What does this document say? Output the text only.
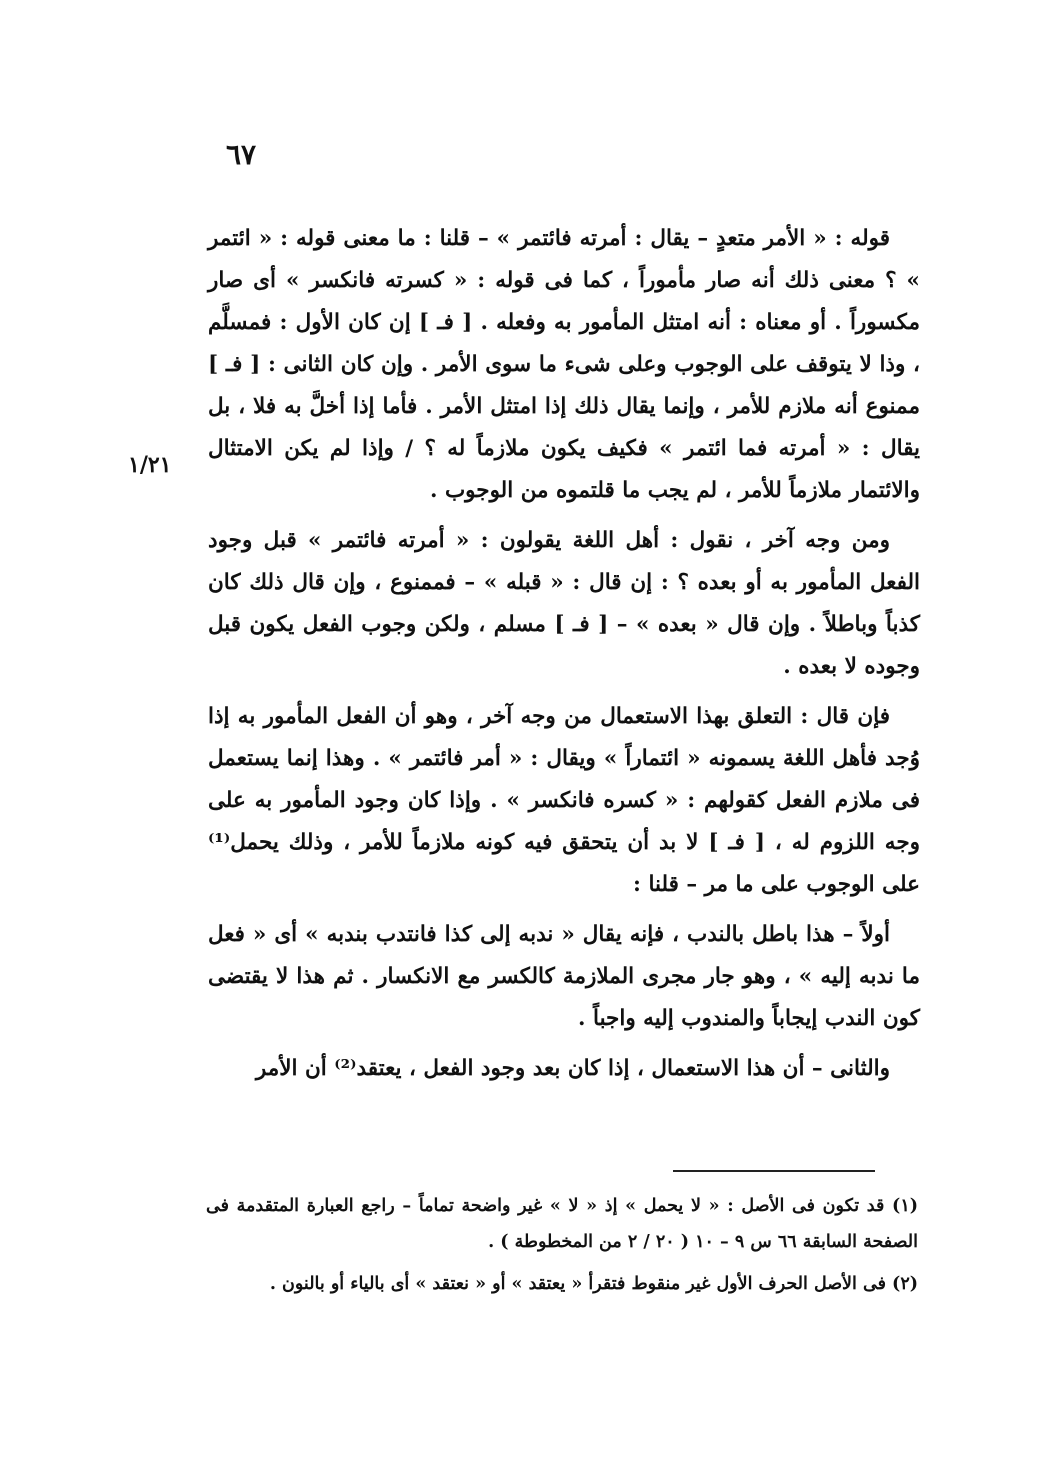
٦٧
١/٢١

قوله : « الأمر متعدٍ – يقال : أمرته فائتمر » – قلنا : ما معنى قوله : « ائتمر » ؟ معنى ذلك أنه صار مأموراً ، كما فى قوله : « كسرته فانكسر » أى صار مكسوراً . أو معناه : أنه امتثل المأمور به وفعله . [ فـ ] إن كان الأول : فمسلَّم ، وذا لا يتوقف على الوجوب وعلى شىء ما سوى الأمر . وإن كان الثانى : [ فـ ] ممنوع أنه ملازم للأمر ، وإنما يقال ذلك إذا امتثل الأمر . فأما إذا أخلَّ به فلا ، بل يقال : « أمرته فما ائتمر » فكيف يكون ملازماً له ؟ / وإذا لم يكن الامتثال والائتمار ملازماً للأمر ، لم يجب ما قلتموه من الوجوب .

ومن وجه آخر ، نقول : أهل اللغة يقولون : « أمرته فائتمر » قبل وجود الفعل المأمور به أو بعده ؟ : إن قال : « قبله » – فممنوع ، وإن قال ذلك كان كذباً وباطلاً . وإن قال « بعده » – [ فـ ] مسلم ، ولكن وجوب الفعل يكون قبل وجوده لا بعده .

فإن قال : التعلق بهذا الاستعمال من وجه آخر ، وهو أن الفعل المأمور به إذا وُجد فأهل اللغة يسمونه « ائتماراً » ويقال : « أمر فائتمر » . وهذا إنما يستعمل فى ملازم الفعل كقولهم : « كسره فانكسر » . وإذا كان وجود المأمور به على وجه اللزوم له ، [ فـ ] لا بد أن يتحقق فيه كونه ملازماً للأمر ، وذلك يحمل⁽¹⁾ على الوجوب على ما مر – قلنا :

أولاً – هذا باطل بالندب ، فإنه يقال « ندبه إلى كذا فانتدب بندبه » أى « فعل ما ندبه إليه » ، وهو جار مجرى الملازمة كالكسر مع الانكسار . ثم هذا لا يقتضى كون الندب إيجاباً والمندوب إليه واجباً .

والثانى – أن هذا الاستعمال ، إذا كان بعد وجود الفعل ، يعتقد⁽²⁾ أن الأمر

(١) قد تكون فى الأصل : « لا يحمل » إذ « لا » غير واضحة تماماً – راجع العبارة المتقدمة فى الصفحة السابقة ٦٦ س ٩ – ١٠ ( ٢٠ / ٢ من المخطوطة ) .

(٢) فى الأصل الحرف الأول غير منقوط فتقرأ « يعتقد » أو « نعتقد » أى بالياء أو بالنون .
